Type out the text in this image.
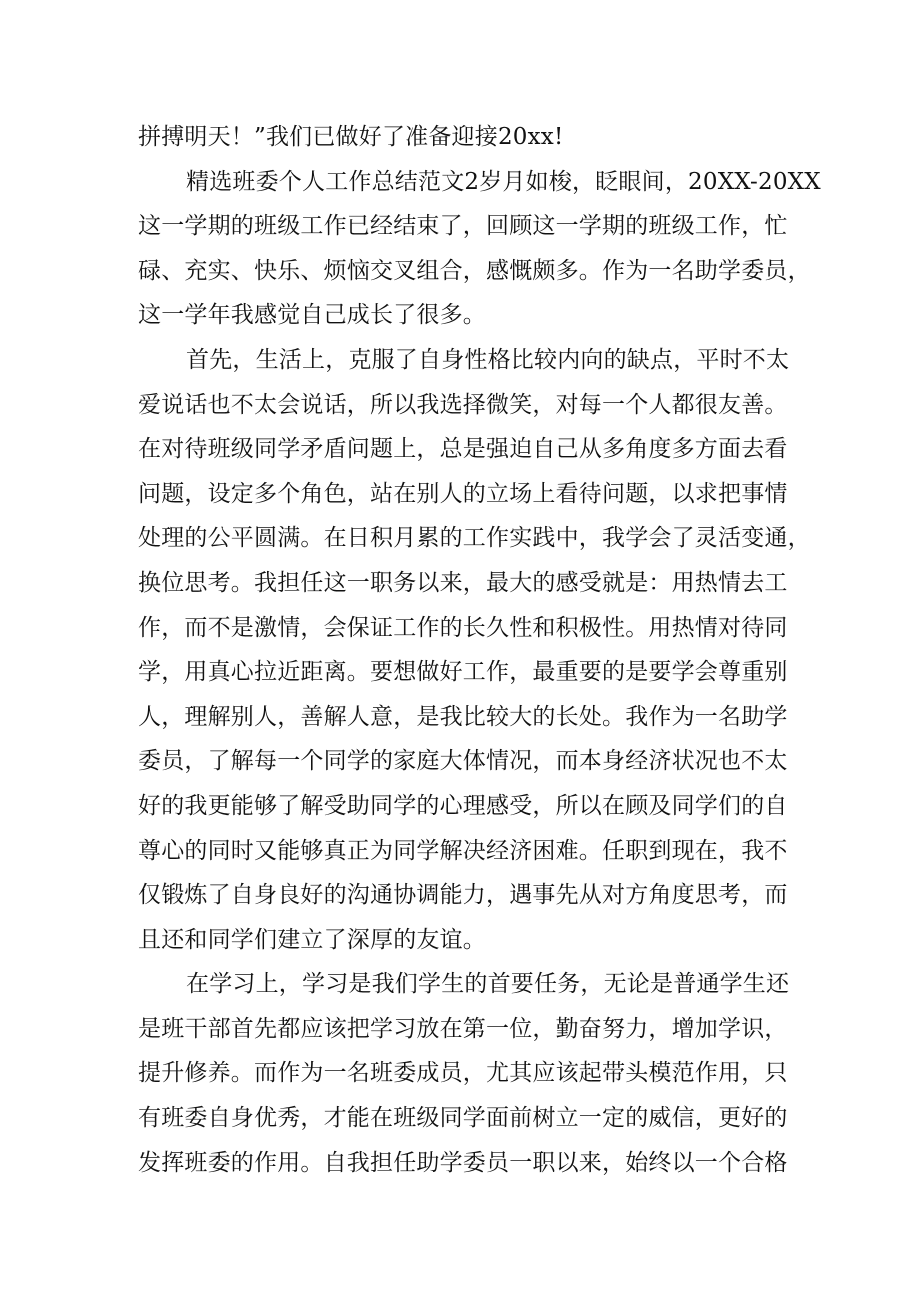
拼搏明天！”我们已做好了准备迎接20xx!
精选班委个人工作总结范文2岁月如梭，眨眼间，20XX-20XX
这一学期的班级工作已经结束了，回顾这一学期的班级工作，忙
碌、充实、快乐、烦恼交叉组合，感慨颇多。作为一名助学委员，
这一学年我感觉自己成长了很多。
首先，生活上，克服了自身性格比较内向的缺点，平时不太
爱说话也不太会说话，所以我选择微笑，对每一个人都很友善。
在对待班级同学矛盾问题上，总是强迫自己从多角度多方面去看
问题，设定多个角色，站在别人的立场上看待问题，以求把事情
处理的公平圆满。在日积月累的工作实践中，我学会了灵活变通，
换位思考。我担任这一职务以来，最大的感受就是：用热情去工
作，而不是激情，会保证工作的长久性和积极性。用热情对待同
学，用真心拉近距离。要想做好工作，最重要的是要学会尊重别
人，理解别人，善解人意，是我比较大的长处。我作为一名助学
委员，了解每一个同学的家庭大体情况，而本身经济状况也不太
好的我更能够了解受助同学的心理感受，所以在顾及同学们的自
尊心的同时又能够真正为同学解决经济困难。任职到现在，我不
仅锻炼了自身良好的沟通协调能力，遇事先从对方角度思考，而
且还和同学们建立了深厚的友谊。
在学习上，学习是我们学生的首要任务，无论是普通学生还
是班干部首先都应该把学习放在第一位，勤奋努力，增加学识，
提升修养。而作为一名班委成员，尤其应该起带头模范作用，只
有班委自身优秀，才能在班级同学面前树立一定的威信，更好的
发挥班委的作用。自我担任助学委员一职以来，始终以一个合格
